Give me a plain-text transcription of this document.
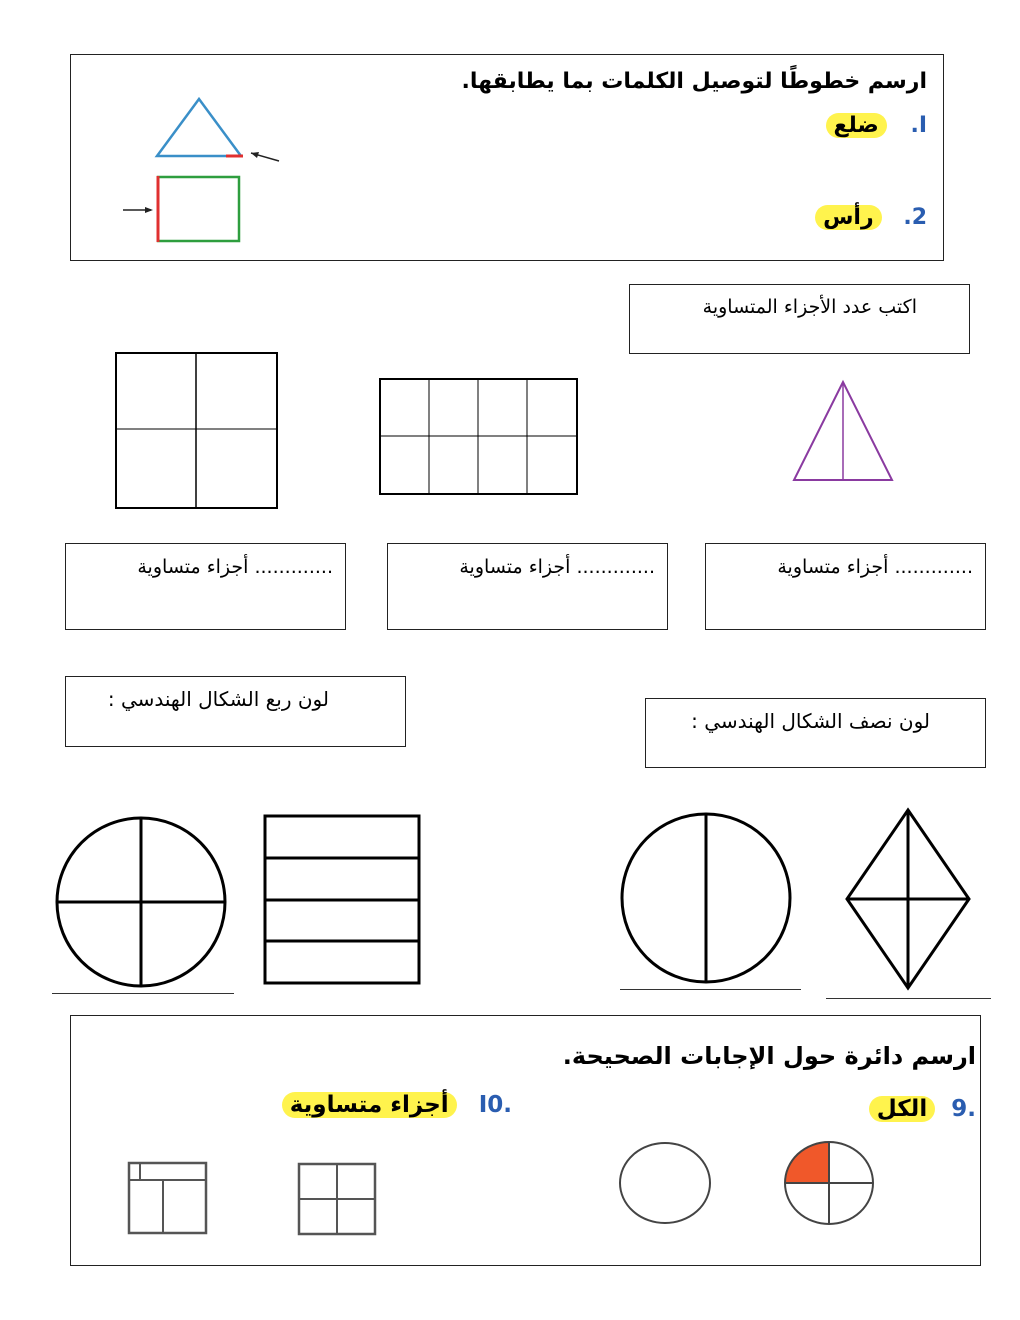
ارسم خطوطًا لتوصيل الكلمات بما يطابقها.
I. ضلع
2. رأس
اكتب عدد الأجزاء المتساوية
............. أجزاء متساوية	............. أجزاء متساوية	............. أجزاء متساوية
لون ربع الشكال الهندسي :
لون نصف الشكال الهندسي :
ارسم دائرة حول الإجابات الصحيحة.
.9 الكل
.I0 أجزاء متساوية
